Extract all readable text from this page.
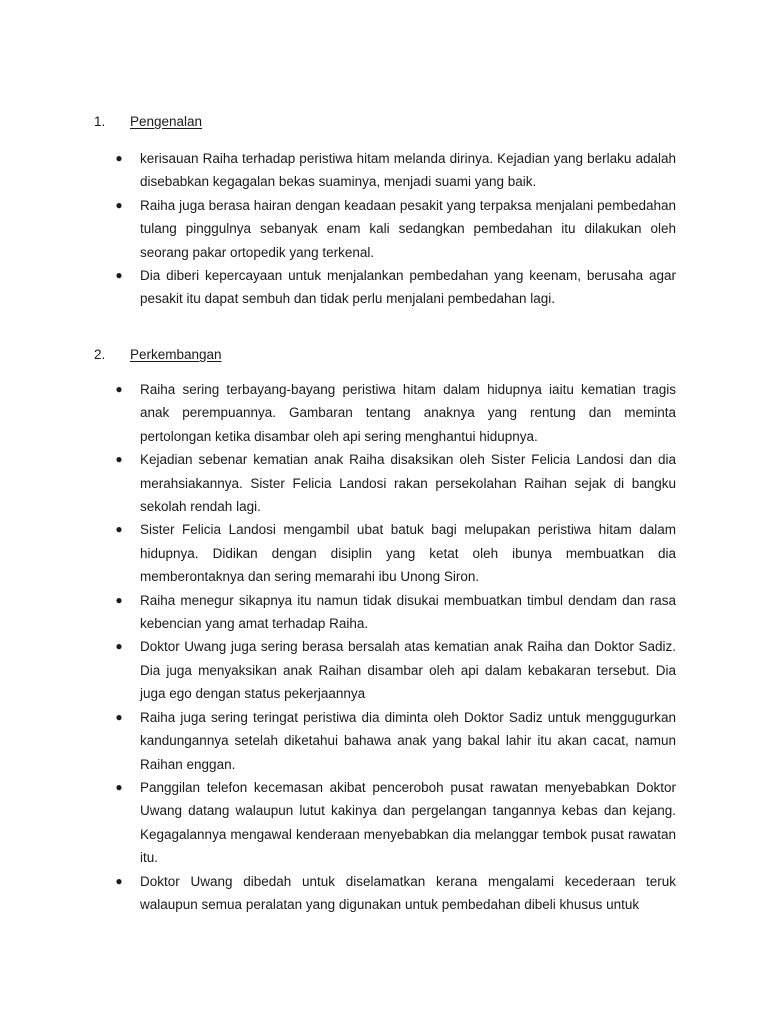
1.	Pengenalan
● kerisauan Raiha terhadap peristiwa hitam melanda dirinya. Kejadian yang berlaku adalah disebabkan kegagalan bekas suaminya, menjadi suami yang baik.
● Raiha juga berasa hairan dengan keadaan pesakit yang terpaksa menjalani pembedahan tulang pinggulnya sebanyak enam kali sedangkan pembedahan itu dilakukan oleh seorang pakar ortopedik yang terkenal.
● Dia diberi kepercayaan untuk menjalankan pembedahan yang keenam, berusaha agar pesakit itu dapat sembuh dan tidak perlu menjalani pembedahan lagi.
2.	Perkembangan
● Raiha sering terbayang-bayang peristiwa hitam dalam hidupnya iaitu kematian tragis anak perempuannya. Gambaran tentang anaknya yang rentung dan meminta pertolongan ketika disambar oleh api sering menghantui hidupnya.
● Kejadian sebenar kematian anak Raiha disaksikan oleh Sister Felicia Landosi dan dia merahsiakannya. Sister Felicia Landosi rakan persekolahan Raihan sejak di bangku sekolah rendah lagi.
● Sister Felicia Landosi mengambil ubat batuk bagi melupakan peristiwa hitam dalam hidupnya. Didikan dengan disiplin yang ketat oleh ibunya membuatkan dia memberontaknya dan sering memarahi ibu Unong Siron.
● Raiha menegur sikapnya itu namun tidak disukai membuatkan timbul dendam dan rasa kebencian yang amat terhadap Raiha.
● Doktor Uwang juga sering berasa bersalah atas kematian anak Raiha dan Doktor Sadiz. Dia juga menyaksikan anak Raihan disambar oleh api dalam kebakaran tersebut. Dia juga ego dengan status pekerjaannya
● Raiha juga sering teringat peristiwa dia diminta oleh Doktor Sadiz untuk menggugurkan kandungannya setelah diketahui bahawa anak yang bakal lahir itu akan cacat, namun Raihan enggan.
● Panggilan telefon kecemasan akibat penceroboh pusat rawatan menyebabkan Doktor Uwang datang walaupun lutut kakinya dan pergelangan tangannya kebas dan kejang. Kegagalannya mengawal kenderaan menyebabkan dia melanggar tembok pusat rawatan itu.
● Doktor Uwang dibedah untuk diselamatkan kerana mengalami kecederaan teruk walaupun semua peralatan yang digunakan untuk pembedahan dibeli khusus untuk
